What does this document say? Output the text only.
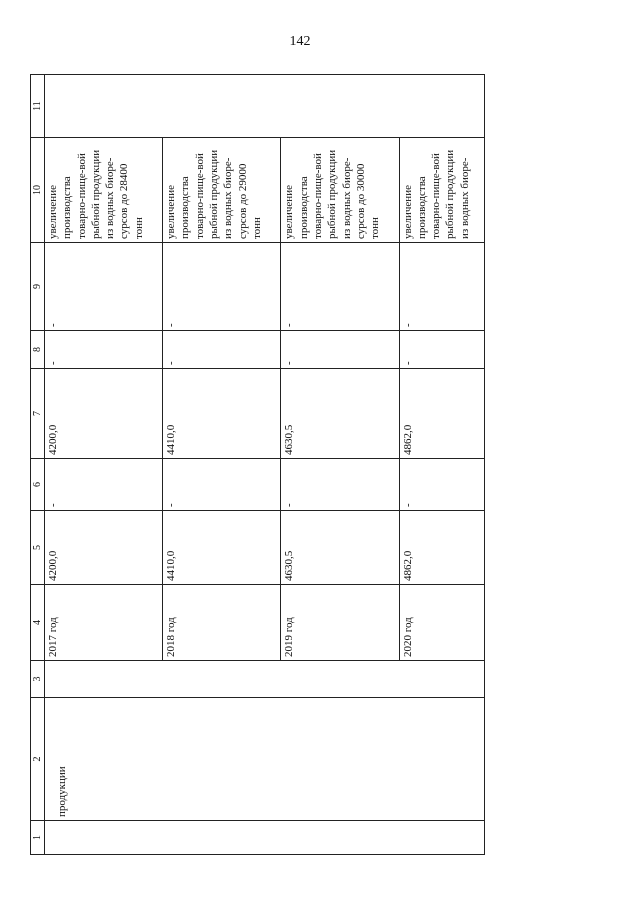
142
1	2	3	4	5	6	7	8	9	10	11
	продукции		2017 год	4200,0	-	4200,0	-	-	увеличение производства товарно-пище-вой рыбной продукции из водных биоре-сурсов до 28400 тонн	
			2018 год	4410,0	-	4410,0	-	-	увеличение производства товарно-пище-вой рыбной продукции из водных биоре-сурсов до 29000 тонн	
			2019 год	4630,5	-	4630,5	-	-	увеличение производства товарно-пище-вой рыбной продукции из водных биоре-сурсов до 30000 тонн	
			2020 год	4862,0	-	4862,0	-	-	увеличение производства товарно-пище-вой рыбной продукции из водных биоре-	
